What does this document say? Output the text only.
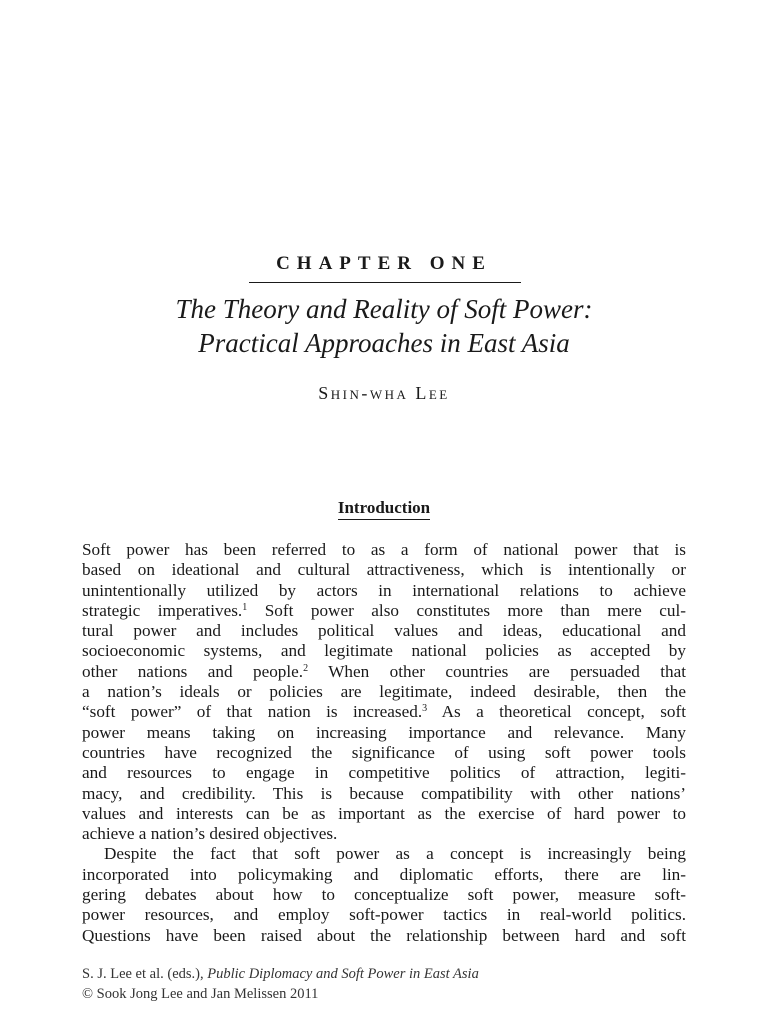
CHAPTER ONE
The Theory and Reality of Soft Power:
Practical Approaches in East Asia

Shin-wha Lee

Introduction
Soft power has been referred to as a form of national power that is
based on ideational and cultural attractiveness, which is intentionally or
unintentionally utilized by actors in international relations to achieve
strategic imperatives.$^1$ Soft power also constitutes more than mere cul-
tural power and includes political values and ideas, educational and
socioeconomic systems, and legitimate national policies as accepted by
other nations and people.$^2$ When other countries are persuaded that
a nation’s ideals or policies are legitimate, indeed desirable, then the
“soft power” of that nation is increased.$^3$ As a theoretical concept, soft
power means taking on increasing importance and relevance. Many
countries have recognized the significance of using soft power tools
and resources to engage in competitive politics of attraction, legiti-
macy, and credibility. This is because compatibility with other nations’
values and interests can be as important as the exercise of hard power to
achieve a nation’s desired objectives.
Despite the fact that soft power as a concept is increasingly being
incorporated into policymaking and diplomatic efforts, there are lin-
gering debates about how to conceptualize soft power, measure soft-
power resources, and employ soft-power tactics in real-world politics.
Questions have been raised about the relationship between hard and soft
S. J. Lee et al. (eds.), Public Diplomacy and Soft Power in East Asia
© Sook Jong Lee and Jan Melissen 2011
